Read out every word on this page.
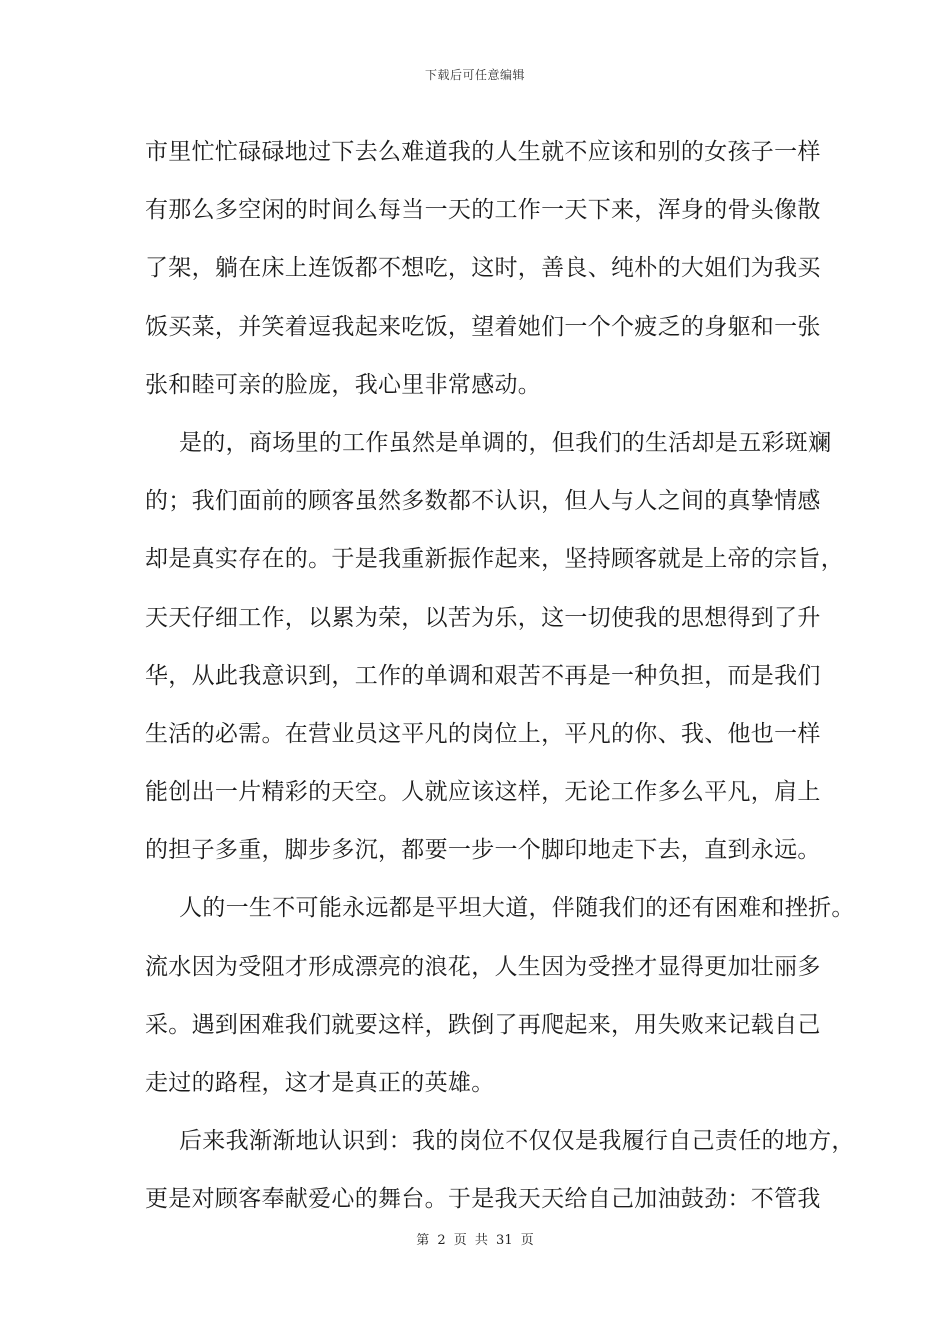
下载后可任意编辑
市里忙忙碌碌地过下去么难道我的人生就不应该和别的女孩子一样
有那么多空闲的时间么每当一天的工作一天下来，浑身的骨头像散
了架，躺在床上连饭都不想吃，这时，善良、纯朴的大姐们为我买
饭买菜，并笑着逗我起来吃饭，望着她们一个个疲乏的身躯和一张
张和睦可亲的脸庞，我心里非常感动。
是的，商场里的工作虽然是单调的，但我们的生活却是五彩斑斓
的；我们面前的顾客虽然多数都不认识，但人与人之间的真挚情感
却是真实存在的。于是我重新振作起来，坚持顾客就是上帝的宗旨，
天天仔细工作，以累为荣，以苦为乐，这一切使我的思想得到了升
华，从此我意识到，工作的单调和艰苦不再是一种负担，而是我们
生活的必需。在营业员这平凡的岗位上，平凡的你、我、他也一样
能创出一片精彩的天空。人就应该这样，无论工作多么平凡，肩上
的担子多重，脚步多沉，都要一步一个脚印地走下去，直到永远。
人的一生不可能永远都是平坦大道，伴随我们的还有困难和挫折。
流水因为受阻才形成漂亮的浪花，人生因为受挫才显得更加壮丽多
采。遇到困难我们就要这样，跌倒了再爬起来，用失败来记载自己
走过的路程，这才是真正的英雄。
后来我渐渐地认识到：我的岗位不仅仅是我履行自己责任的地方，
更是对顾客奉献爱心的舞台。于是我天天给自己加油鼓劲：不管我
第 2 页 共 31 页
